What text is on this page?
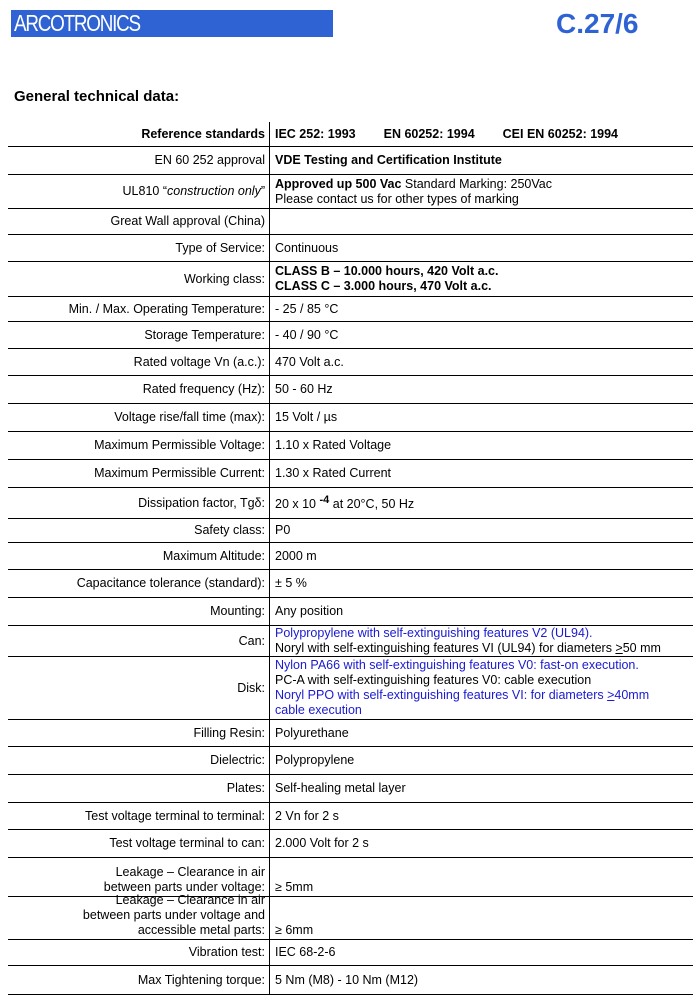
ARCOTRONICS	C.27/6
General technical data:
Reference standards IEC 252: 1993 EN 60252: 1994 CEI EN 60252: 1994
EN 60 252 approval VDE Testing and Certification Institute
UL810 “construction only”
Approved up 500 Vac Standard Marking: 250Vac
Please contact us for other types of marking
Great Wall approval (China)

Type of Service: Continuous
Working class:
CLASS B – 10.000 hours, 420 Volt a.c.
CLASS C – 3.000 hours, 470 Volt a.c.
Min. / Max. Operating Temperature: - 25 / 85 °C
Storage Temperature: - 40 / 90 °C
Rated voltage Vn (a.c.): 470 Volt a.c.
Rated frequency (Hz): 50 - 60 Hz
Voltage rise/fall time (max): 15 Volt / µs
Maximum Permissible Voltage: 1.10 x Rated Voltage
Maximum Permissible Current: 1.30 x Rated Current
Dissipation factor, Tgδ: 20 x 10 $^{-4}$ at 20°C, 50 Hz
Safety class: P0
Maximum Altitude: 2000 m
Capacitance tolerance (standard): ± 5 %
Mounting: Any position
Can:
Polypropylene with self-extinguishing features V2 (UL94).
Noryl with self-extinguishing features VI (UL94) for diameters >50 mm
Disk:
Nylon PA66 with self-extinguishing features V0: fast-on execution.
PC-A with self-extinguishing features V0: cable execution
Noryl PPO with self-extinguishing features VI: for diameters >40mm
cable execution
Filling Resin: Polyurethane
Dielectric: Polypropylene
Plates: Self-healing metal layer
Test voltage terminal to terminal: 2 Vn for 2 s
Test voltage terminal to can: 2.000 Volt for 2 s
Leakage – Clearance in air
between parts under voltage: ≥ 5mm
Leakage – Clearance in air
between parts under voltage and
accessible metal parts: ≥ 6mm
Vibration test: IEC 68-2-6
Max Tightening torque: 5 Nm (M8) - 10 Nm (M12)
